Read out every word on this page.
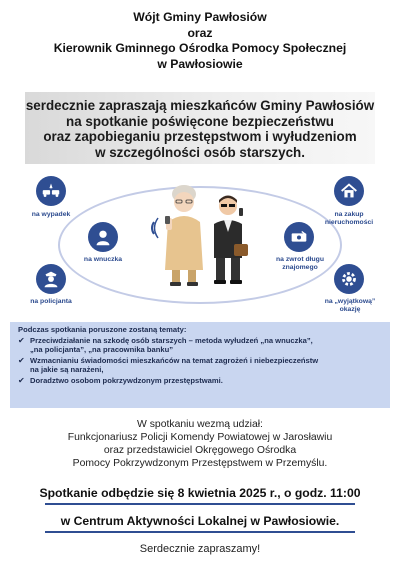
Wójt Gminy Pawłosiów
oraz
Kierownik Gminnego Ośrodka Pomocy Społecznej
w Pawłosiowie
serdecznie zapraszają mieszkańców Gminy Pawłosiów
na spotkanie poświęcone bezpieczeństwu
oraz zapobieganiu przestępstwom i wyłudzeniom
w szczególności osób starszych.
na wypadek
na wnuczka
na policjanta
na zakup
nieruchomości
na zwrot długu
znajomego
na „wyjątkową”
okazję
Podczas spotkania poruszone zostaną tematy:
✔ Przeciwdziałanie na szkodę osób starszych – metoda wyłudzeń „na wnuczka”,
„na policjanta”, „na pracownika banku”
✔ Wzmacnianiu świadomości mieszkańców na temat zagrożeń i niebezpieczeństw
na jakie są narażeni,
✔ Doradztwo osobom pokrzywdzonym przestępstwami.
W spotkaniu wezmą udział:
Funkcjonariusz Policji Komendy Powiatowej w Jarosławiu
oraz przedstawiciel Okręgowego Ośrodka
Pomocy Pokrzywdzonym Przestępstwem w Przemyślu.
Spotkanie odbędzie się 8 kwietnia 2025 r., o godz. 11:00
w Centrum Aktywności Lokalnej w Pawłosiowie.
Serdecznie zapraszamy!
